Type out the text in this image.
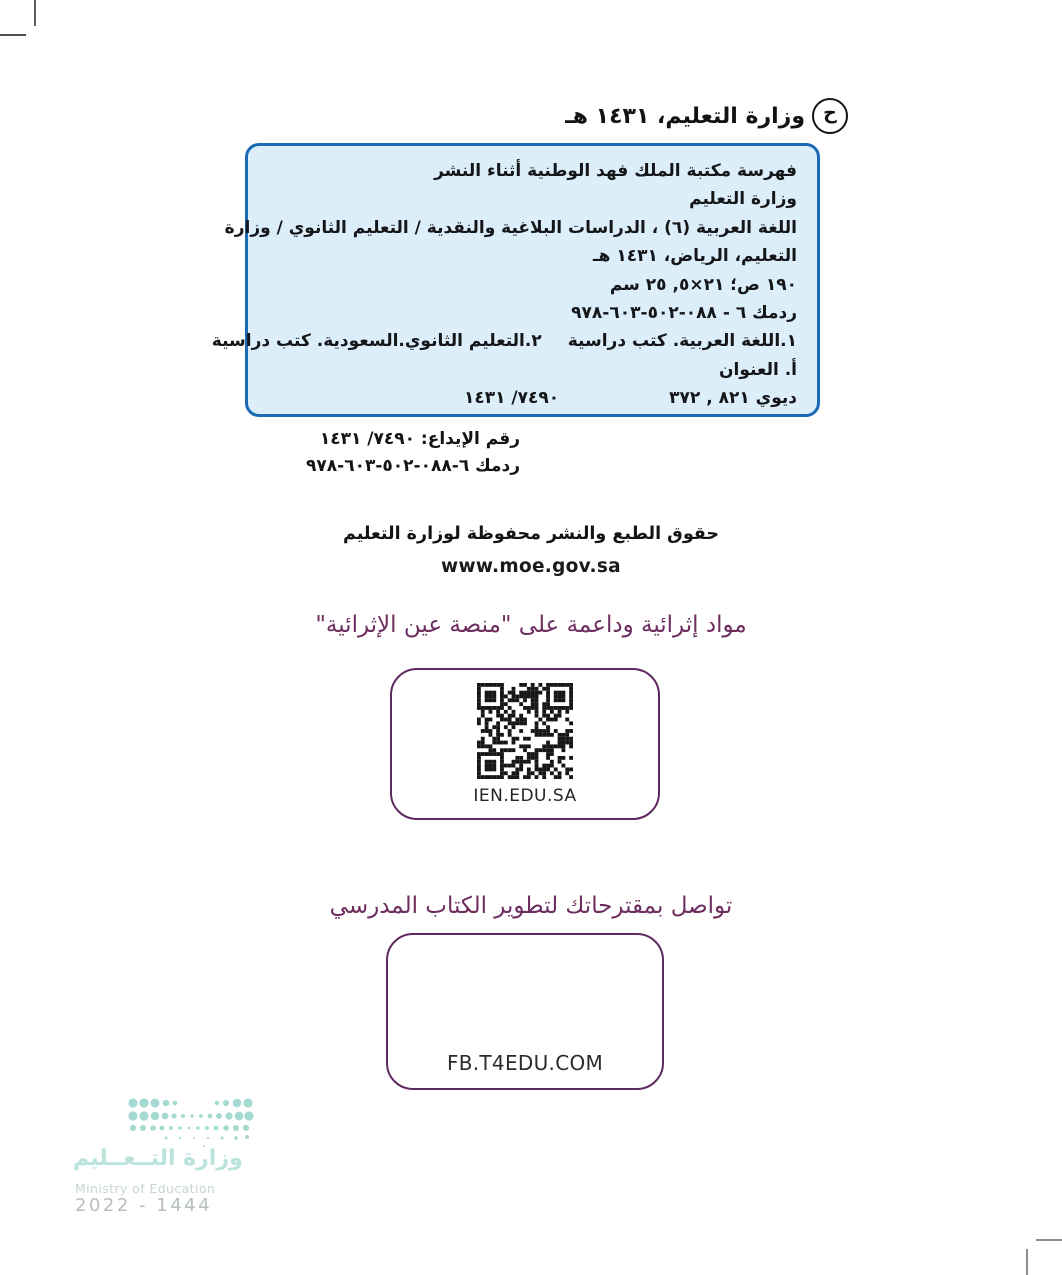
ح
وزارة التعليم، ١٤٣١ هـ
فهرسة مكتبة الملك فهد الوطنية أثناء النشر
وزارة التعليم
اللغة العربية (٦) ، الدراسات البلاغية والنقدية / التعليم الثانوي / وزارة
التعليم، الرياض، ١٤٣١ هـ
١٩٠ ص؛ ٢١×٥, ٢٥ سم
ردمك ٦ - ٠٨٨-٥٠٢-٦٠٣-٩٧٨
١.اللغة العربية. كتب دراسية٢.التعليم الثانوي.السعودية. كتب دراسية
أ. العنوان
ديوي ٨٢١ , ٣٧٢
٧٤٩٠/ ١٤٣١
رقم الإيداع: ٧٤٩٠/ ١٤٣١
ردمك ٦-٠٨٨-٥٠٢-٦٠٣-٩٧٨
حقوق الطبع والنشر محفوظة لوزارة التعليم
www.moe.gov.sa
مواد إثرائية وداعمة على "منصة عين الإثرائية"
IEN.EDU.SA
تواصل بمقترحاتك لتطوير الكتاب المدرسي
FB.T4EDU.COM
وزارة التــعــليم
Ministry of Education
2022 - 1444
